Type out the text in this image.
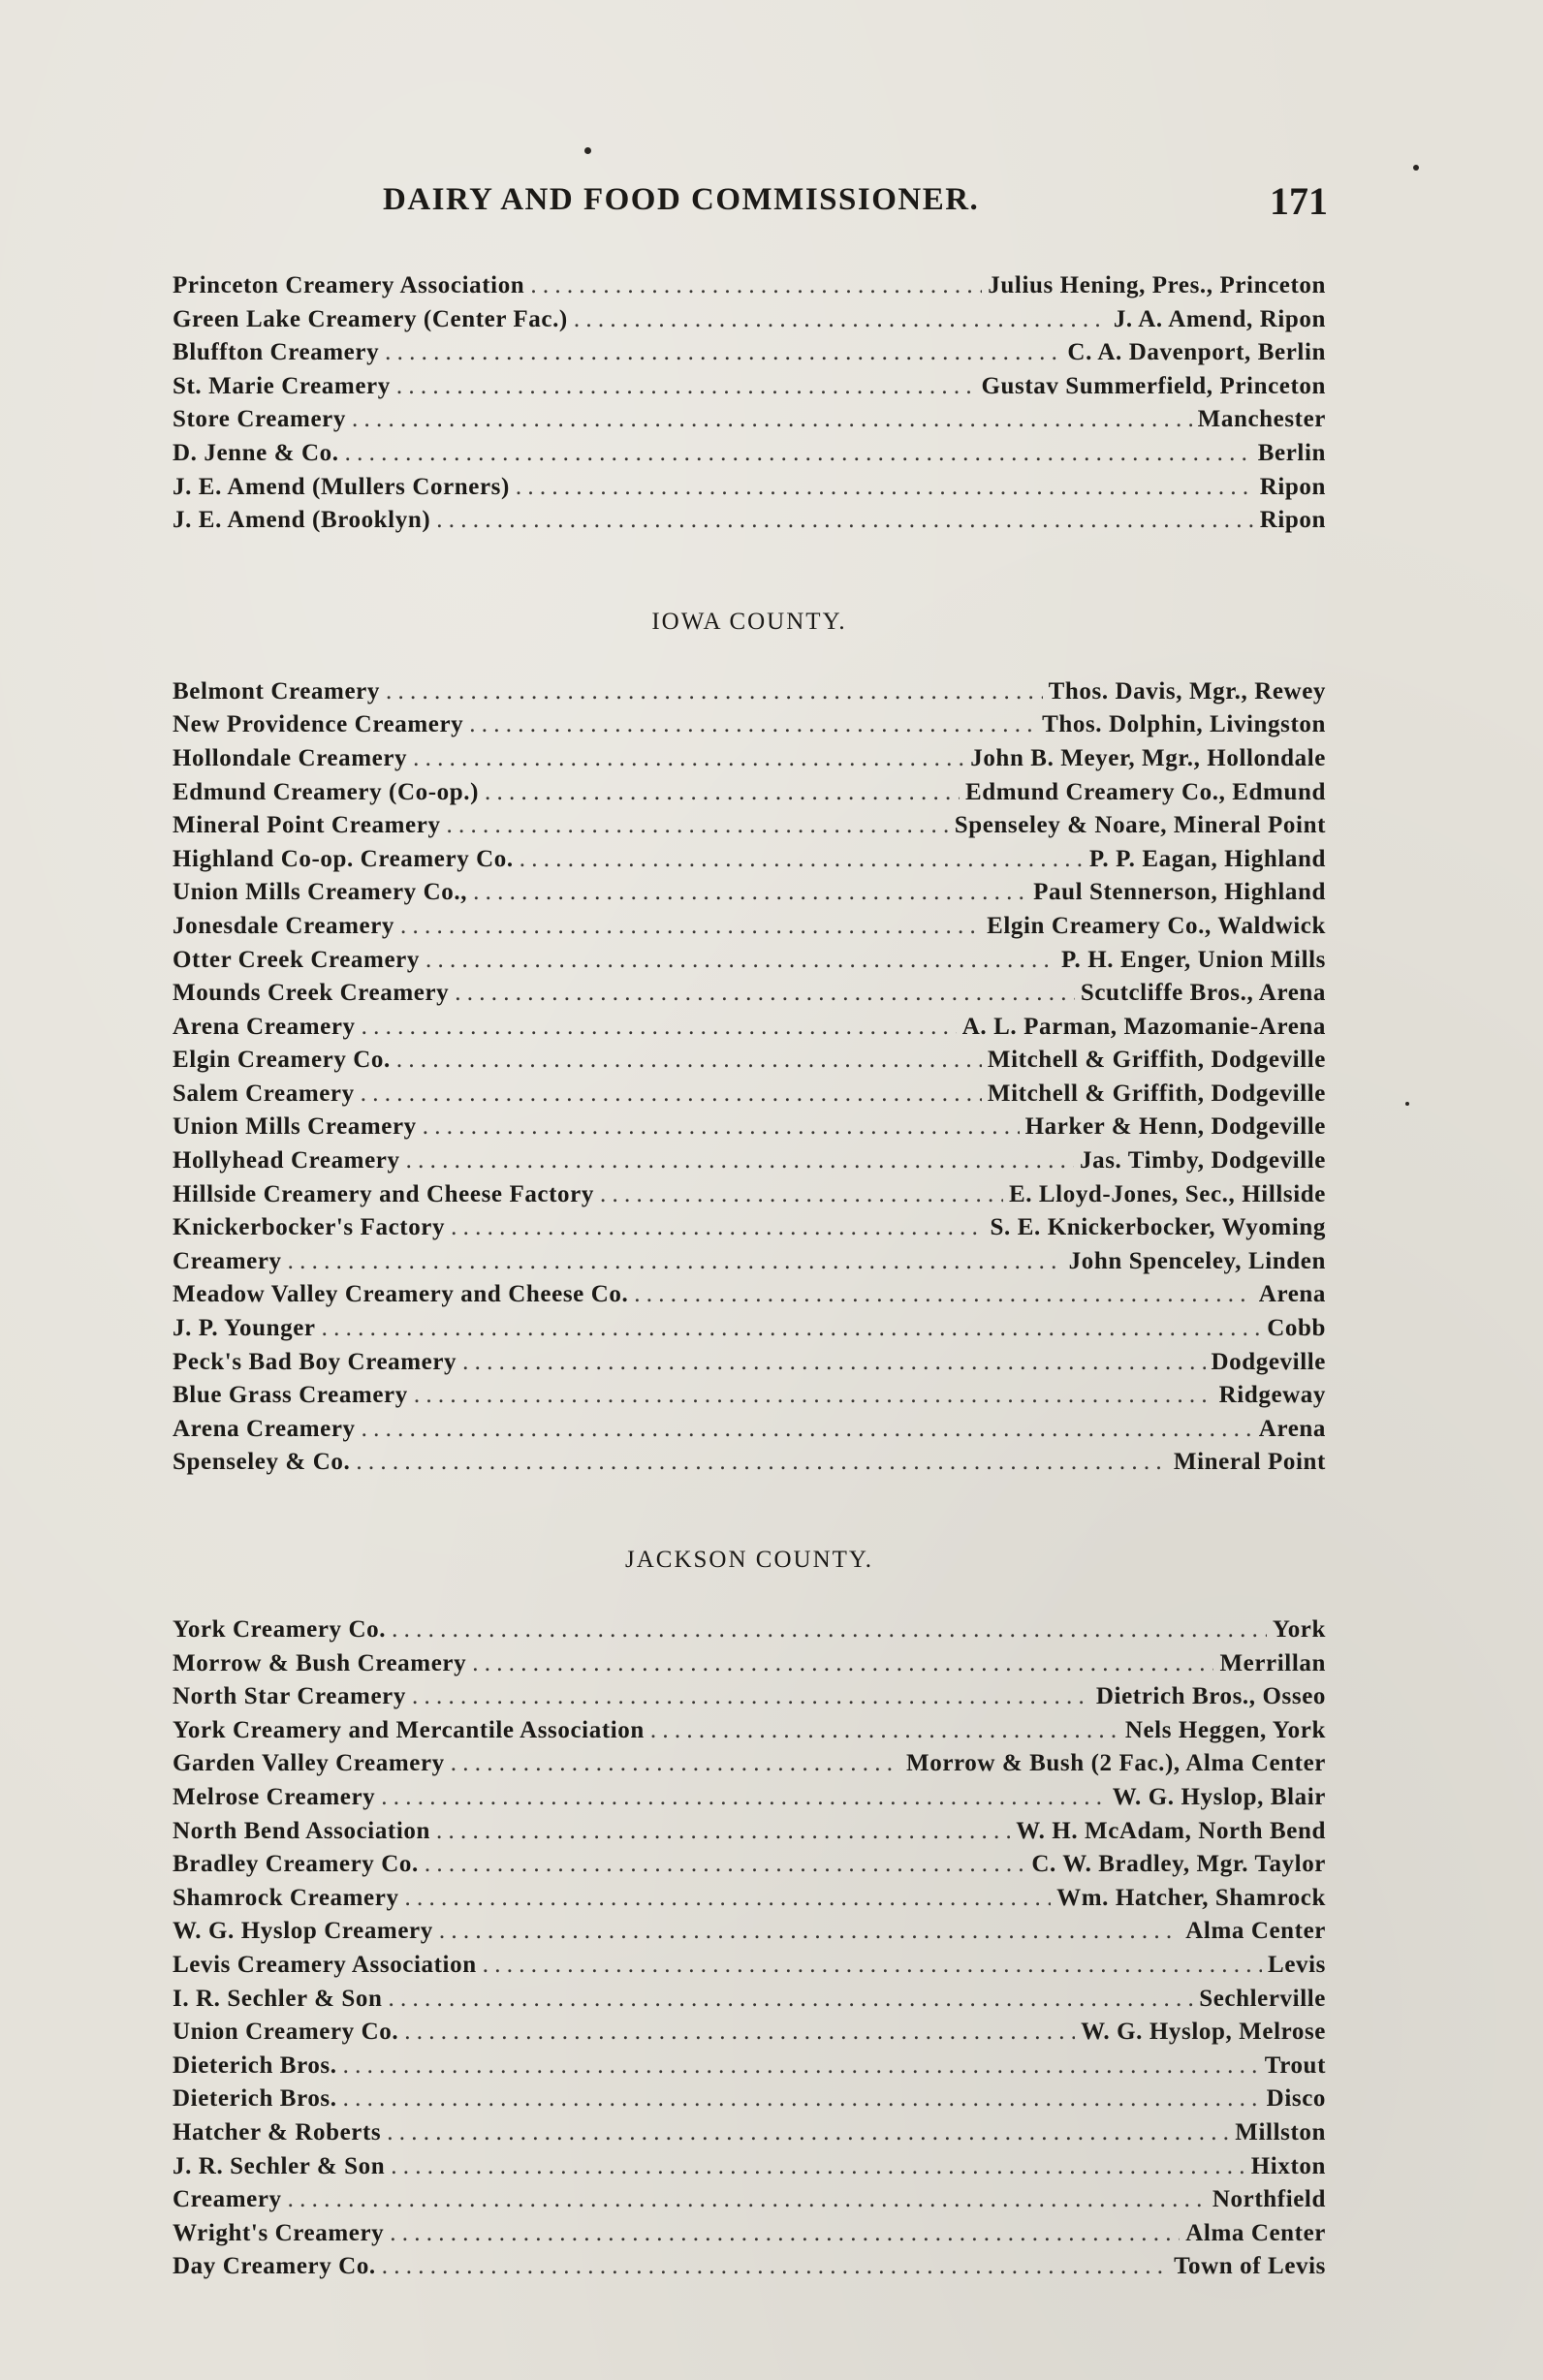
DAIRY AND FOOD COMMISSIONER.	171
Princeton Creamery Association . . .	Julius Hening, Pres., Princeton
Green Lake Creamery (Center Fac.) . . .	J. A. Amend, Ripon
Bluffton Creamery . . .	C. A. Davenport, Berlin
St. Marie Creamery . . .	Gustav Summerfield, Princeton
Store Creamery . . .	Manchester
D. Jenne & Co. . . .	Berlin
J. E. Amend (Mullers Corners) . . .	Ripon
J. E. Amend (Brooklyn) . . .	Ripon
IOWA COUNTY.
Belmont Creamery . . .	Thos. Davis, Mgr., Rewey
New Providence Creamery . . .	Thos. Dolphin, Livingston
Hollondale Creamery . . .	John B. Meyer, Mgr., Hollondale
Edmund Creamery (Co-op.) . . .	Edmund Creamery Co., Edmund
Mineral Point Creamery . . .	Spenseley & Noare, Mineral Point
Highland Co-op. Creamery Co. . . .	P. P. Eagan, Highland
Union Mills Creamery Co., . . .	Paul Stennerson, Highland
Jonesdale Creamery . . .	Elgin Creamery Co., Waldwick
Otter Creek Creamery . . .	P. H. Enger, Union Mills
Mounds Creek Creamery . . .	Scutcliffe Bros., Arena
Arena Creamery . . .	A. L. Parman, Mazomanie-Arena
Elgin Creamery Co. . . .	Mitchell & Griffith, Dodgeville
Salem Creamery . . .	Mitchell & Griffith, Dodgeville
Union Mills Creamery . . .	Harker & Henn, Dodgeville
Hollyhead Creamery . . .	Jas. Timby, Dodgeville
Hillside Creamery and Cheese Factory . . .	E. Lloyd-Jones, Sec., Hillside
Knickerbocker's Factory . . .	S. E. Knickerbocker, Wyoming
Creamery . . .	John Spenceley, Linden
Meadow Valley Creamery and Cheese Co. . . .	Arena
J. P. Younger . . .	Cobb
Peck's Bad Boy Creamery . . .	Dodgeville
Blue Grass Creamery . . .	Ridgeway
Arena Creamery . . .	Arena
Spenseley & Co. . . .	Mineral Point
JACKSON COUNTY.
York Creamery Co. . . .	York
Morrow & Bush Creamery . . .	Merrillan
North Star Creamery . . .	Dietrich Bros., Osseo
York Creamery and Mercantile Association . . .	Nels Heggen, York
Garden Valley Creamery . . .	Morrow & Bush (2 Fac.), Alma Center
Melrose Creamery . . .	W. G. Hyslop, Blair
North Bend Association . . .	W. H. McAdam, North Bend
Bradley Creamery Co. . . .	C. W. Bradley, Mgr. Taylor
Shamrock Creamery . . .	Wm. Hatcher, Shamrock
W. G. Hyslop Creamery . . .	Alma Center
Levis Creamery Association . . .	Levis
I. R. Sechler & Son . . .	Sechlerville
Union Creamery Co. . . .	W. G. Hyslop, Melrose
Dieterich Bros. . . .	Trout
Dieterich Bros. . . .	Disco
Hatcher & Roberts . . .	Millston
J. R. Sechler & Son . . .	Hixton
Creamery . . .	Northfield
Wright's Creamery . . .	Alma Center
Day Creamery Co. . . .	Town of Levis
